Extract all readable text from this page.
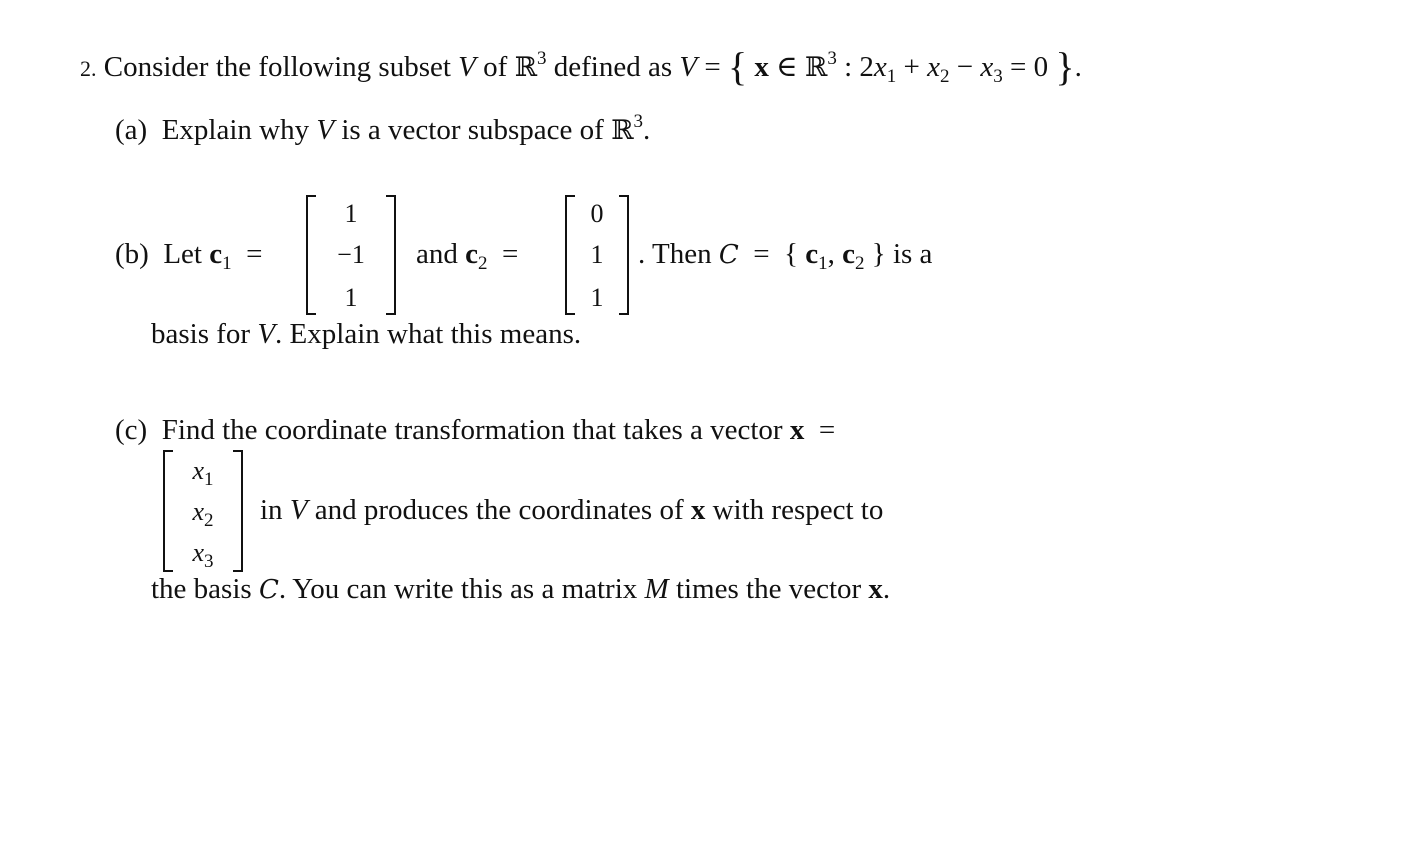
2. Consider the following subset V of ℝ$^3$ defined as V = { x ∈ ℝ$^3$ : $2x_1 + x_2 - x_3 = 0$ }.
(a) Explain why V is a vector subspace of ℝ$^3$.
(b) Let $c_1$ =
1
−1
1
and $c_2$ =
0
1
1
. Then C = { $c_1$, $c_2$ } is a
basis for V. Explain what this means.
(c) Find the coordinate transformation that takes a vector x =
$x_1$
$x_2$
$x_3$
in V and produces the coordinates of x with respect to
the basis C. You can write this as a matrix M times the vector x.
